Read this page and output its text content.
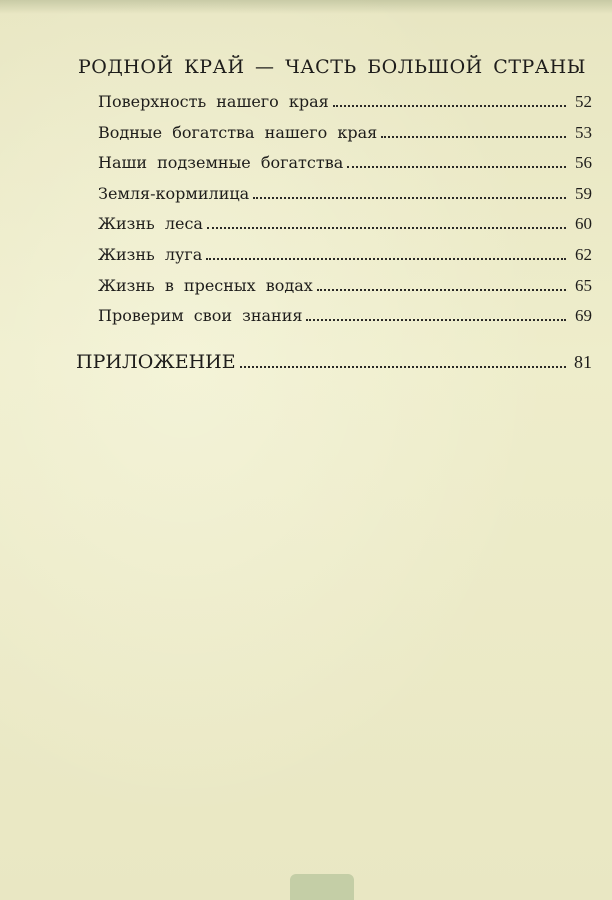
РОДНОЙ КРАЙ — ЧАСТЬ БОЛЬШОЙ СТРАНЫ
Поверхность нашего края	52
Водные богатства нашего края	53
Наши подземные богатства	56
Земля-кормилица	59
Жизнь леса	60
Жизнь луга	62
Жизнь в пресных водах	65
Проверим свои знания	69
ПРИЛОЖЕНИЕ	81
